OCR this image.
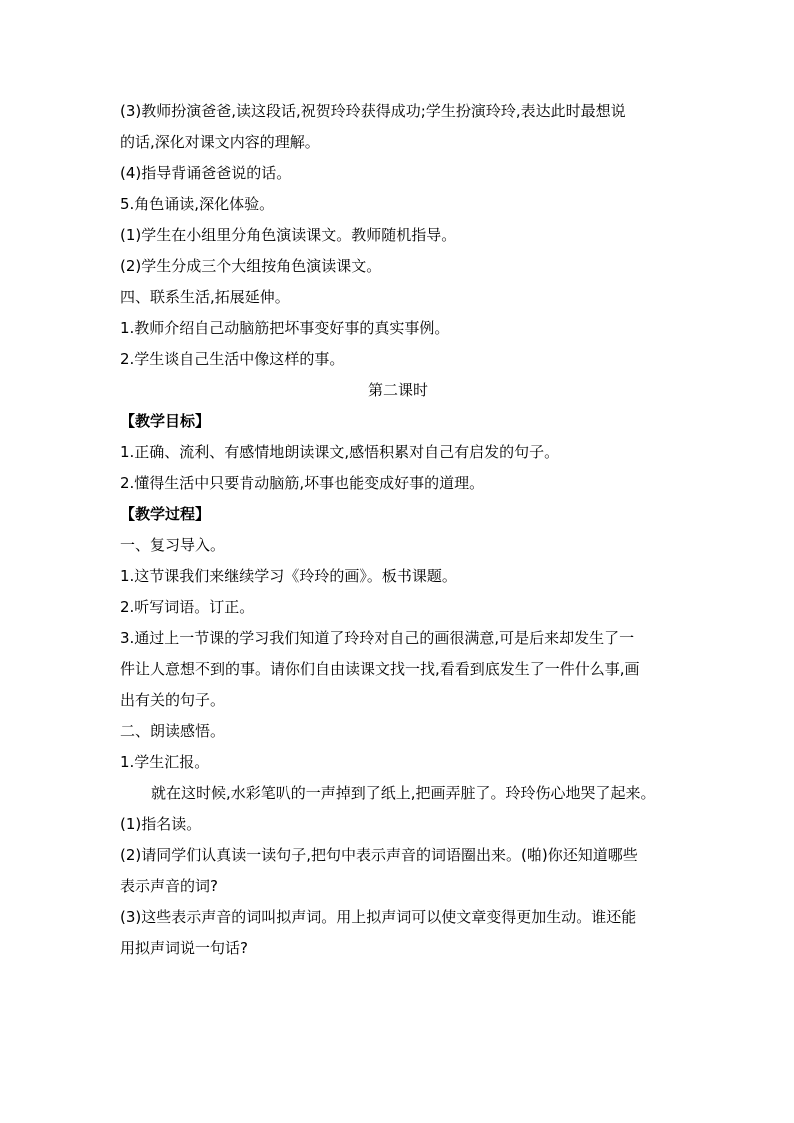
(3)教师扮演爸爸,读这段话,祝贺玲玲获得成功;学生扮演玲玲,表达此时最想说
的话,深化对课文内容的理解。
(4)指导背诵爸爸说的话。
5.角色诵读,深化体验。
(1)学生在小组里分角色演读课文。教师随机指导。
(2)学生分成三个大组按角色演读课文。
四、联系生活,拓展延伸。
1.教师介绍自己动脑筋把坏事变好事的真实事例。
2.学生谈自己生活中像这样的事。
第二课时
【教学目标】
1.正确、流利、有感情地朗读课文,感悟积累对自己有启发的句子。
2.懂得生活中只要肯动脑筋,坏事也能变成好事的道理。
【教学过程】
一、复习导入。
1.这节课我们来继续学习《玲玲的画》。板书课题。
2.听写词语。订正。
3.通过上一节课的学习我们知道了玲玲对自己的画很满意,可是后来却发生了一
件让人意想不到的事。请你们自由读课文找一找,看看到底发生了一件什么事,画
出有关的句子。
二、朗读感悟。
1.学生汇报。
就在这时候,水彩笔叭的一声掉到了纸上,把画弄脏了。玲玲伤心地哭了起来。
(1)指名读。
(2)请同学们认真读一读句子,把句中表示声音的词语圈出来。(啪)你还知道哪些
表示声音的词?
(3)这些表示声音的词叫拟声词。用上拟声词可以使文章变得更加生动。谁还能
用拟声词说一句话?
